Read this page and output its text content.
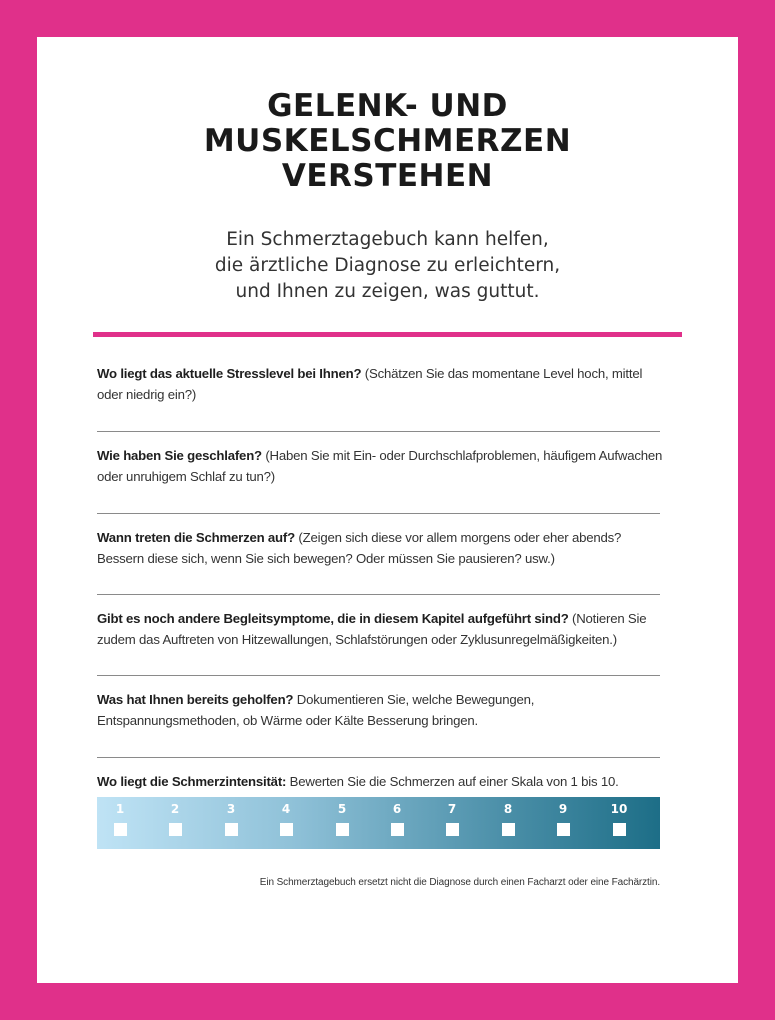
GELENK- UND
MUSKELSCHMERZEN
VERSTEHEN

Ein Schmerztagebuch kann helfen,
die ärztliche Diagnose zu erleichtern,
und Ihnen zu zeigen, was guttut.

Wo liegt das aktuelle Stresslevel bei Ihnen? (Schätzen Sie das momentane Level hoch, mittel oder niedrig ein?)

Wie haben Sie geschlafen? (Haben Sie mit Ein- oder Durchschlafproblemen, häufigem Aufwachen oder unruhigem Schlaf zu tun?)

Wann treten die Schmerzen auf? (Zeigen sich diese vor allem morgens oder eher abends? Bessern diese sich, wenn Sie sich bewegen? Oder müssen Sie pausieren? usw.)

Gibt es noch andere Begleitsymptome, die in diesem Kapitel aufgeführt sind? (Notieren Sie zudem das Auftreten von Hitzewallungen, Schlafstörungen oder Zyklusunregelmäßigkeiten.)

Was hat Ihnen bereits geholfen? Dokumentieren Sie, welche Bewegungen, Entspannungsmethoden, ob Wärme oder Kälte Besserung bringen.

Wo liegt die Schmerzintensität: Bewerten Sie die Schmerzen auf einer Skala von 1 bis 10.

1	2	3	4	5	6	7	8	9	10

Ein Schmerztagebuch ersetzt nicht die Diagnose durch einen Facharzt oder eine Fachärztin.
